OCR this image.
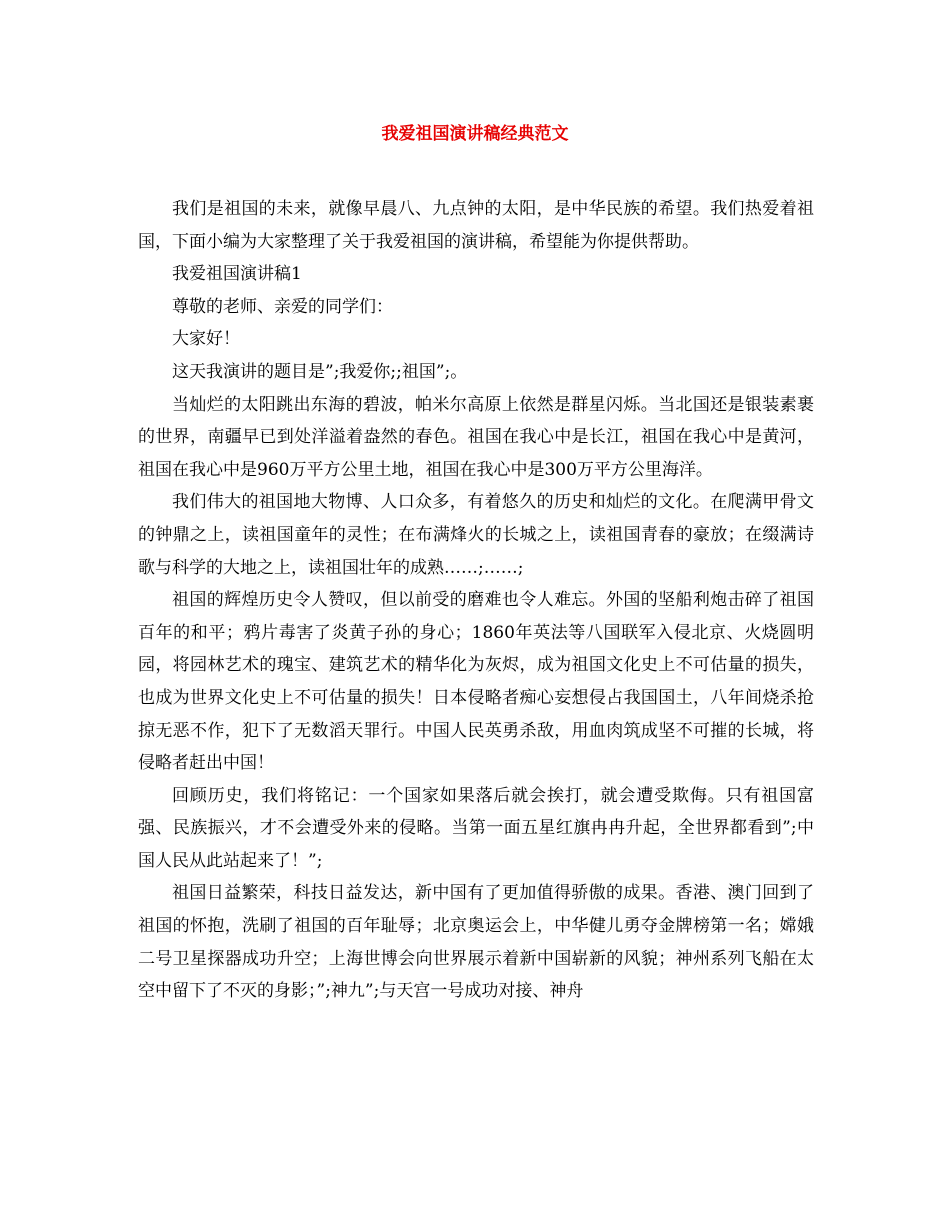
我爱祖国演讲稿经典范文

我们是祖国的未来，就像早晨八、九点钟的太阳，是中华民族的希望。我们热爱着祖国，下面小编为大家整理了关于我爱祖国的演讲稿，希望能为你提供帮助。

我爱祖国演讲稿1

尊敬的老师、亲爱的同学们：

大家好！

这天我演讲的题目是”;我爱你;;祖国”;。

当灿烂的太阳跳出东海的碧波，帕米尔高原上依然是群星闪烁。当北国还是银装素裹的世界，南疆早已到处洋溢着盎然的春色。祖国在我心中是长江，祖国在我心中是黄河，祖国在我心中是960万平方公里土地，祖国在我心中是300万平方公里海洋。

我们伟大的祖国地大物博、人口众多，有着悠久的历史和灿烂的文化。在爬满甲骨文的钟鼎之上，读祖国童年的灵性；在布满烽火的长城之上，读祖国青春的豪放；在缀满诗歌与科学的大地之上，读祖国壮年的成熟……;……;

祖国的辉煌历史令人赞叹，但以前受的磨难也令人难忘。外国的坚船利炮击碎了祖国百年的和平；鸦片毒害了炎黄子孙的身心；1860年英法等八国联军入侵北京、火烧圆明园，将园林艺术的瑰宝、建筑艺术的精华化为灰烬，成为祖国文化史上不可估量的损失，也成为世界文化史上不可估量的损失！日本侵略者痴心妄想侵占我国国土，八年间烧杀抢掠无恶不作，犯下了无数滔天罪行。中国人民英勇杀敌，用血肉筑成坚不可摧的长城，将侵略者赶出中国！

回顾历史，我们将铭记：一个国家如果落后就会挨打，就会遭受欺侮。只有祖国富强、民族振兴，才不会遭受外来的侵略。当第一面五星红旗冉冉升起，全世界都看到”;中国人民从此站起来了！”;

祖国日益繁荣，科技日益发达，新中国有了更加值得骄傲的成果。香港、澳门回到了祖国的怀抱，洗刷了祖国的百年耻辱；北京奥运会上，中华健儿勇夺金牌榜第一名；嫦娥二号卫星探器成功升空；上海世博会向世界展示着新中国崭新的风貌；神州系列飞船在太空中留下了不灭的身影；”;神九”;与天宫一号成功对接、神舟
